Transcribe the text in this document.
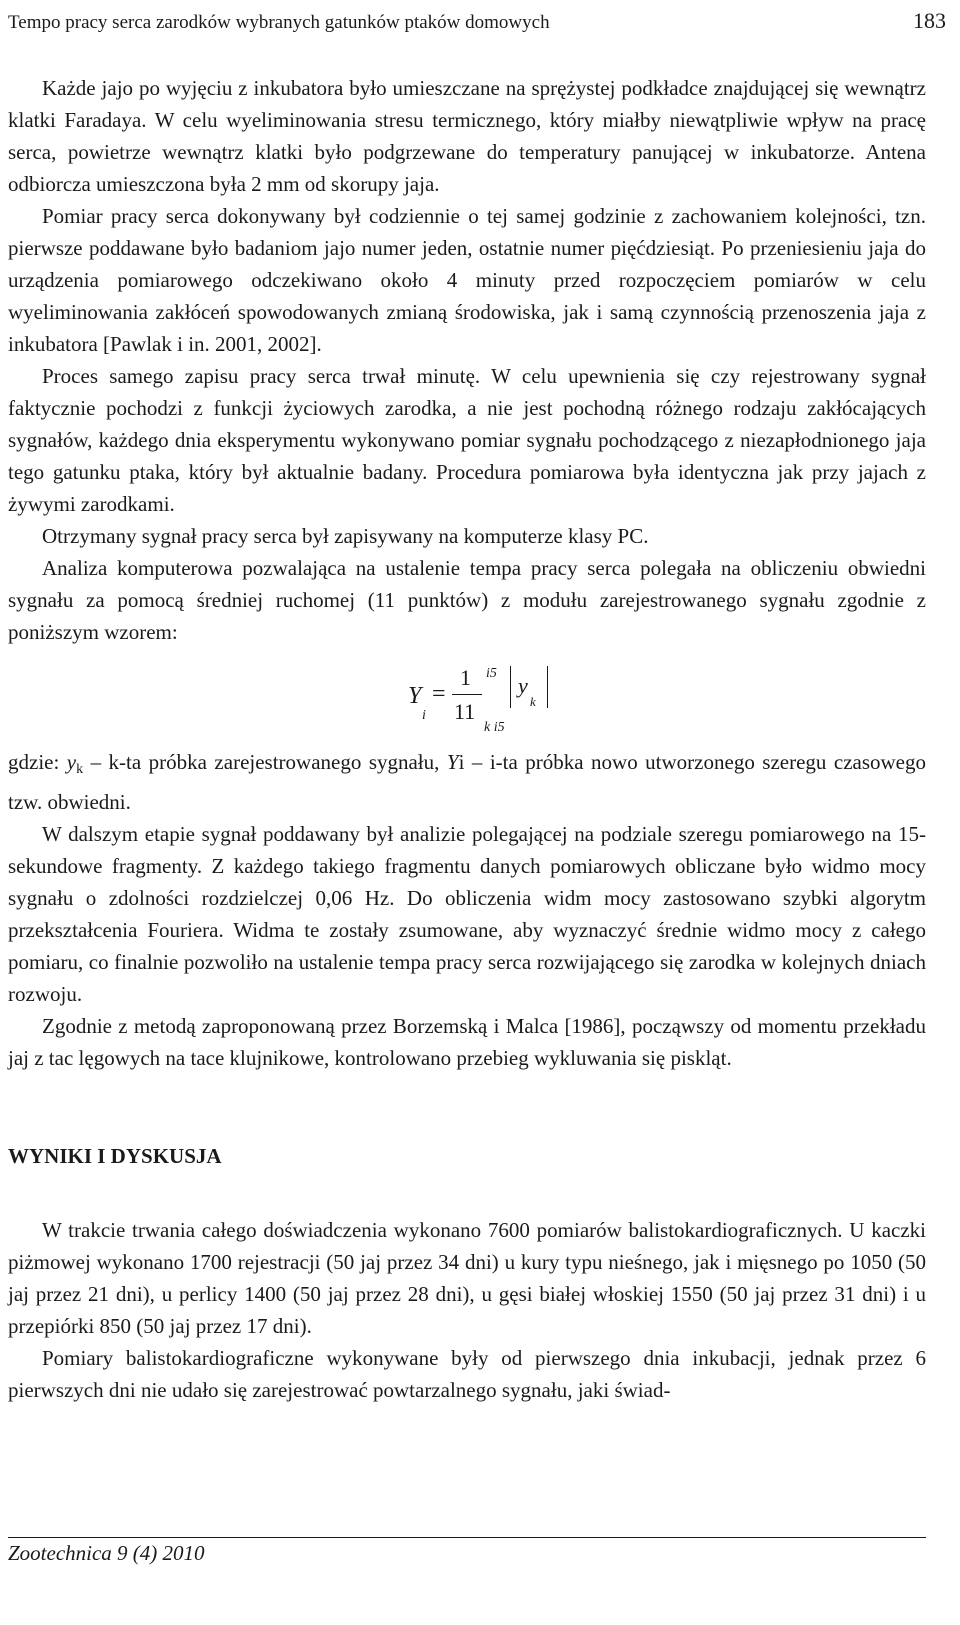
Tempo pracy serca zarodków wybranych gatunków ptaków domowych	183

Każde jajo po wyjęciu z inkubatora było umieszczane na sprężystej podkładce znajdującej się wewnątrz klatki Faradaya. W celu wyeliminowania stresu termicznego, który miałby niewątpliwie wpływ na pracę serca, powietrze wewnątrz klatki było podgrzewane do temperatury panującej w inkubatorze. Antena odbiorcza umieszczona była 2 mm od skorupy jaja.

Pomiar pracy serca dokonywany był codziennie o tej samej godzinie z zachowaniem kolejności, tzn. pierwsze poddawane było badaniom jajo numer jeden, ostatnie numer pięćdziesiąt. Po przeniesieniu jaja do urządzenia pomiarowego odczekiwano około 4 minuty przed rozpoczęciem pomiarów w celu wyeliminowania zakłóceń spowodowanych zmianą środowiska, jak i samą czynnością przenoszenia jaja z inkubatora [Pawlak i in. 2001, 2002].

Proces samego zapisu pracy serca trwał minutę. W celu upewnienia się czy rejestrowany sygnał faktycznie pochodzi z funkcji życiowych zarodka, a nie jest pochodną różnego rodzaju zakłócających sygnałów, każdego dnia eksperymentu wykonywano pomiar sygnału pochodzącego z niezapłodnionego jaja tego gatunku ptaka, który był aktualnie badany. Procedura pomiarowa była identyczna jak przy jajach z żywymi zarodkami.

Otrzymany sygnał pracy serca był zapisywany na komputerze klasy PC.

Analiza komputerowa pozwalająca na ustalenie tempa pracy serca polegała na obliczeniu obwiedni sygnału za pomocą średniej ruchomej (11 punktów) z modułu zarejestrowanego sygnału zgodnie z poniższym wzorem:

Y
i
=
1
11
i5
k i5
y
k

gdzie: yk – k-ta próbka zarejestrowanego sygnału, Yi – i-ta próbka nowo utworzonego szeregu czasowego tzw. obwiedni.

W dalszym etapie sygnał poddawany był analizie polegającej na podziale szeregu pomiarowego na 15-sekundowe fragmenty. Z każdego takiego fragmentu danych pomiarowych obliczane było widmo mocy sygnału o zdolności rozdzielczej 0,06 Hz. Do obliczenia widm mocy zastosowano szybki algorytm przekształcenia Fouriera. Widma te zostały zsumowane, aby wyznaczyć średnie widmo mocy z całego pomiaru, co finalnie pozwoliło na ustalenie tempa pracy serca rozwijającego się zarodka w kolejnych dniach rozwoju.

Zgodnie z metodą zaproponowaną przez Borzemską i Malca [1986], począwszy od momentu przekładu jaj z tac lęgowych na tace klujnikowe, kontrolowano przebieg wykluwania się piskląt.

WYNIKI I DYSKUSJA

W trakcie trwania całego doświadczenia wykonano 7600 pomiarów balistokardiograficznych. U kaczki piżmowej wykonano 1700 rejestracji (50 jaj przez 34 dni) u kury typu nieśnego, jak i mięsnego po 1050 (50 jaj przez 21 dni), u perlicy 1400 (50 jaj przez 28 dni), u gęsi białej włoskiej 1550 (50 jaj przez 31 dni) i u przepiórki 850 (50 jaj przez 17 dni).

Pomiary balistokardiograficzne wykonywane były od pierwszego dnia inkubacji, jednak przez 6 pierwszych dni nie udało się zarejestrować powtarzalnego sygnału, jaki świad-

Zootechnica 9 (4) 2010
